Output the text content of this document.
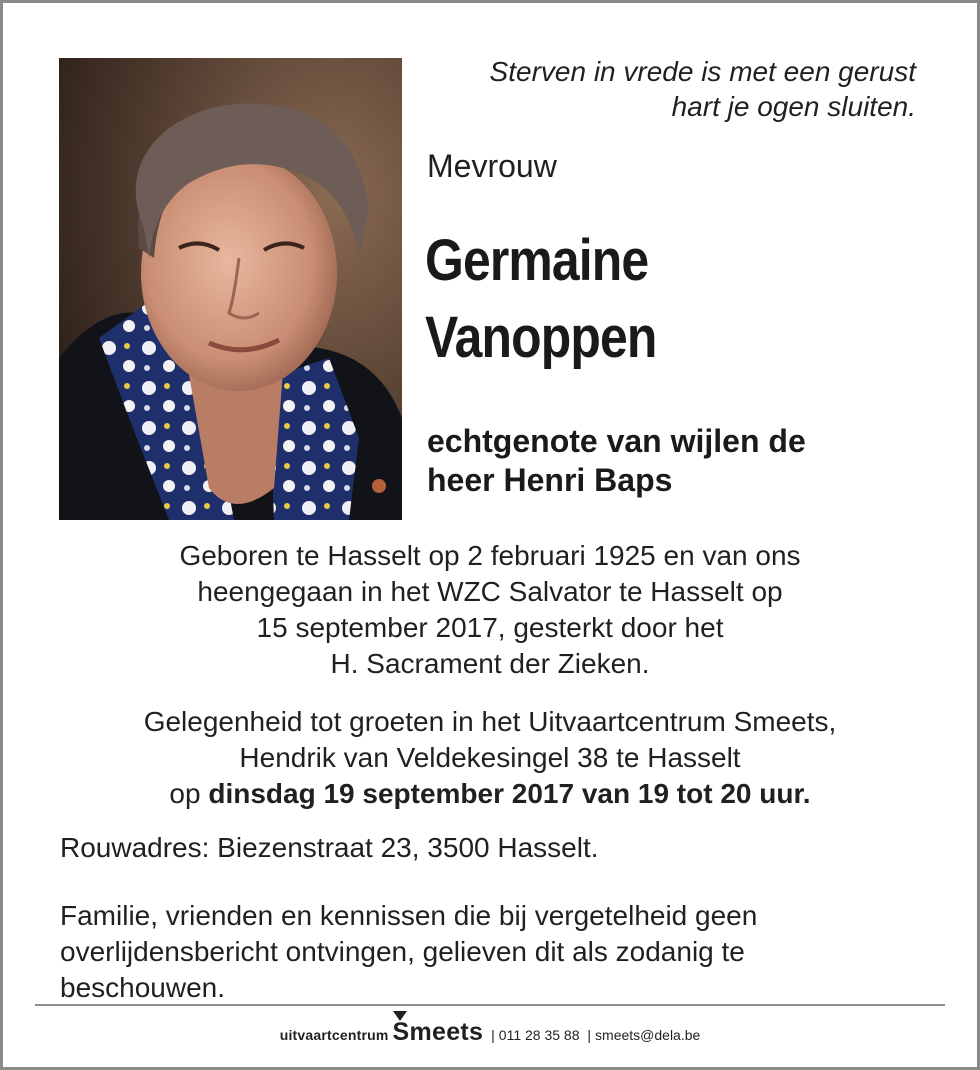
Sterven in vrede is met een gerust
hart je ogen sluiten.
Mevrouw
Germaine
Vanoppen
echtgenote van wijlen de
heer Henri Baps
Geboren te Hasselt op 2 februari 1925 en van ons
heengegaan in het WZC Salvator te Hasselt op
15 september 2017, gesterkt door het
H. Sacrament der Zieken.
Gelegenheid tot groeten in het Uitvaartcentrum Smeets,
Hendrik van Veldekesingel 38 te Hasselt
op dinsdag 19 september 2017 van 19 tot 20 uur.
Rouwadres: Biezenstraat 23, 3500 Hasselt.
Familie, vrienden en kennissen die bij vergetelheid geen
overlijdensbericht ontvingen, gelieven dit als zodanig te
beschouwen.
uitvaartcentrum Smeets | 011 28 35 88 | smeets@dela.be
